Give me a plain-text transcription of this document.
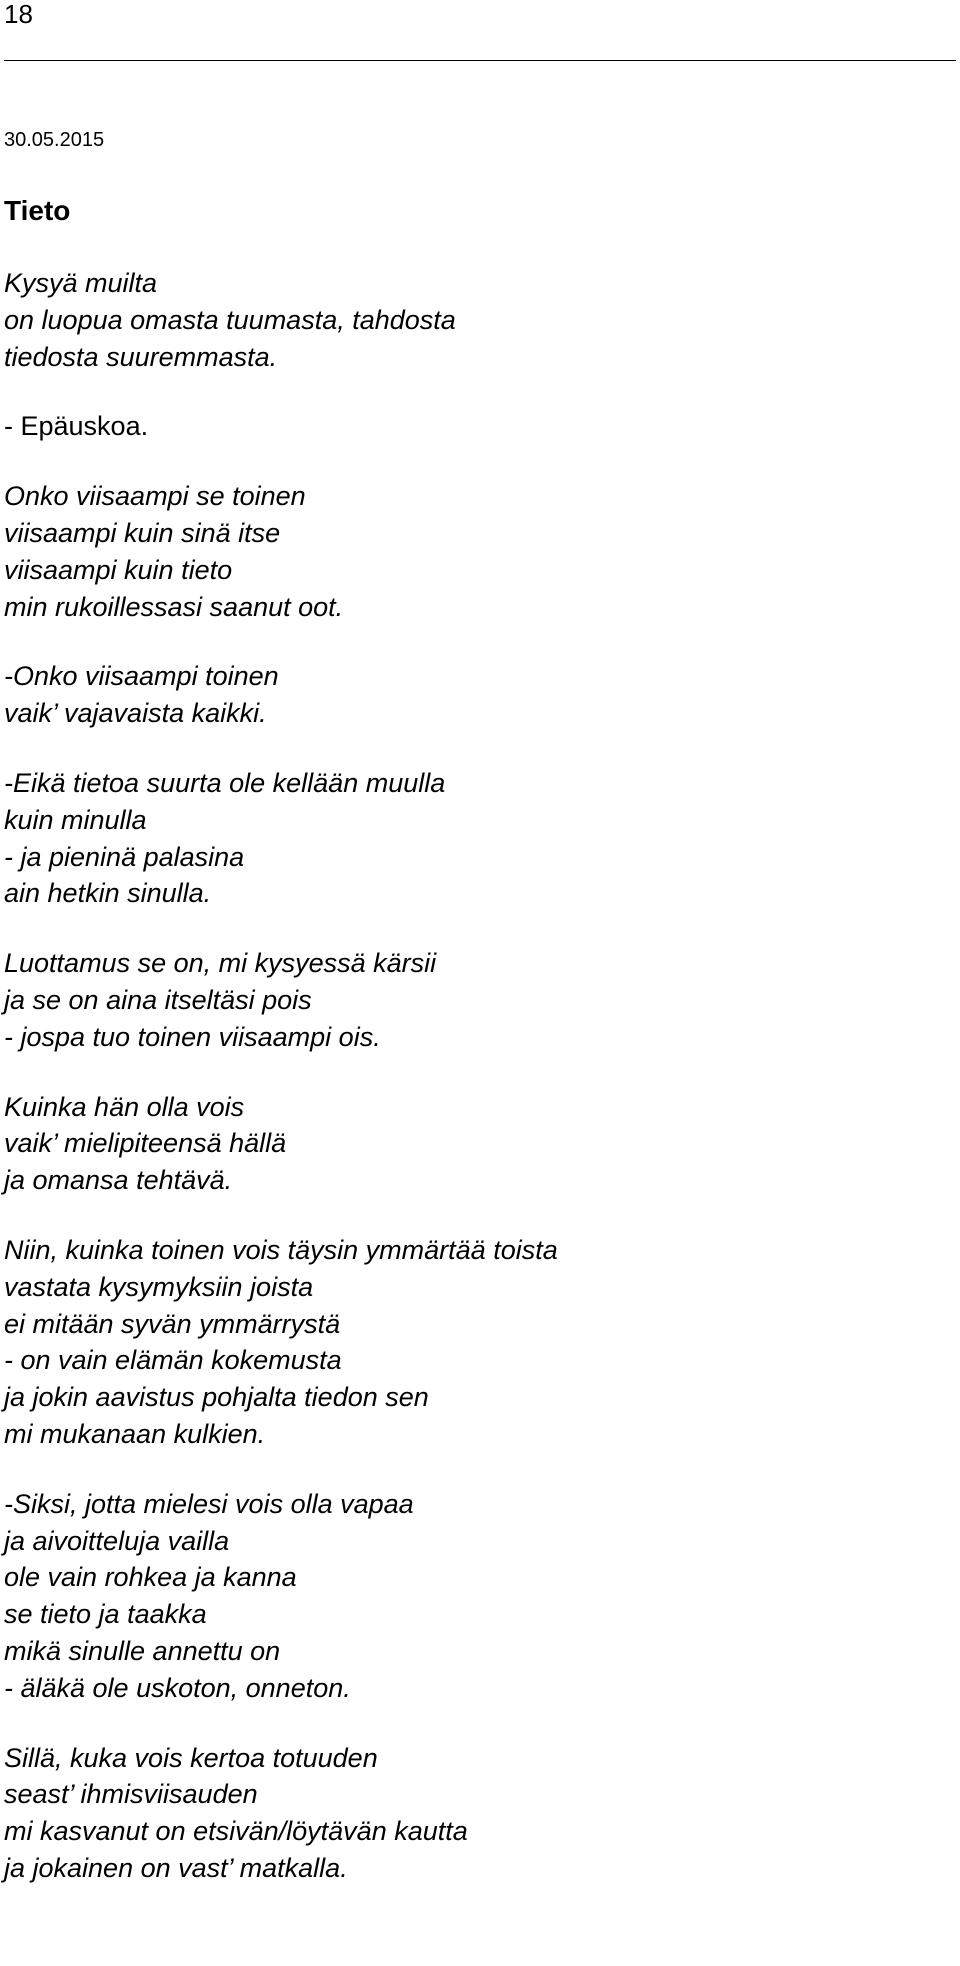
18
30.05.2015
Tieto
Kysyä muilta
on luopua omasta tuumasta, tahdosta
tiedosta suuremmasta.
- Epäuskoa.
Onko viisaampi se toinen
viisaampi kuin sinä itse
viisaampi kuin tieto
min rukoillessasi saanut oot.
-Onko viisaampi toinen
vaik’ vajavaista kaikki.
-Eikä tietoa suurta ole kellään muulla
kuin minulla
- ja pieninä palasina
ain hetkin sinulla.
Luottamus se on, mi kysyessä kärsii
ja se on aina itseltäsi pois
- jospa tuo toinen viisaampi ois.
Kuinka hän olla vois
vaik’ mielipiteensä hällä
ja omansa tehtävä.
Niin, kuinka toinen vois täysin ymmärtää toista
vastata kysymyksiin joista
ei mitään syvän ymmärrystä
- on vain elämän kokemusta
ja jokin aavistus pohjalta tiedon sen
mi mukanaan kulkien.
-Siksi, jotta mielesi vois olla vapaa
ja aivoitteluja vailla
ole vain rohkea ja kanna
se tieto ja taakka
mikä sinulle annettu on
- äläkä ole uskoton, onneton.
Sillä, kuka vois kertoa totuuden
seast’ ihmisviisauden
mi kasvanut on etsivän/löytävän kautta
ja jokainen on vast’ matkalla.
